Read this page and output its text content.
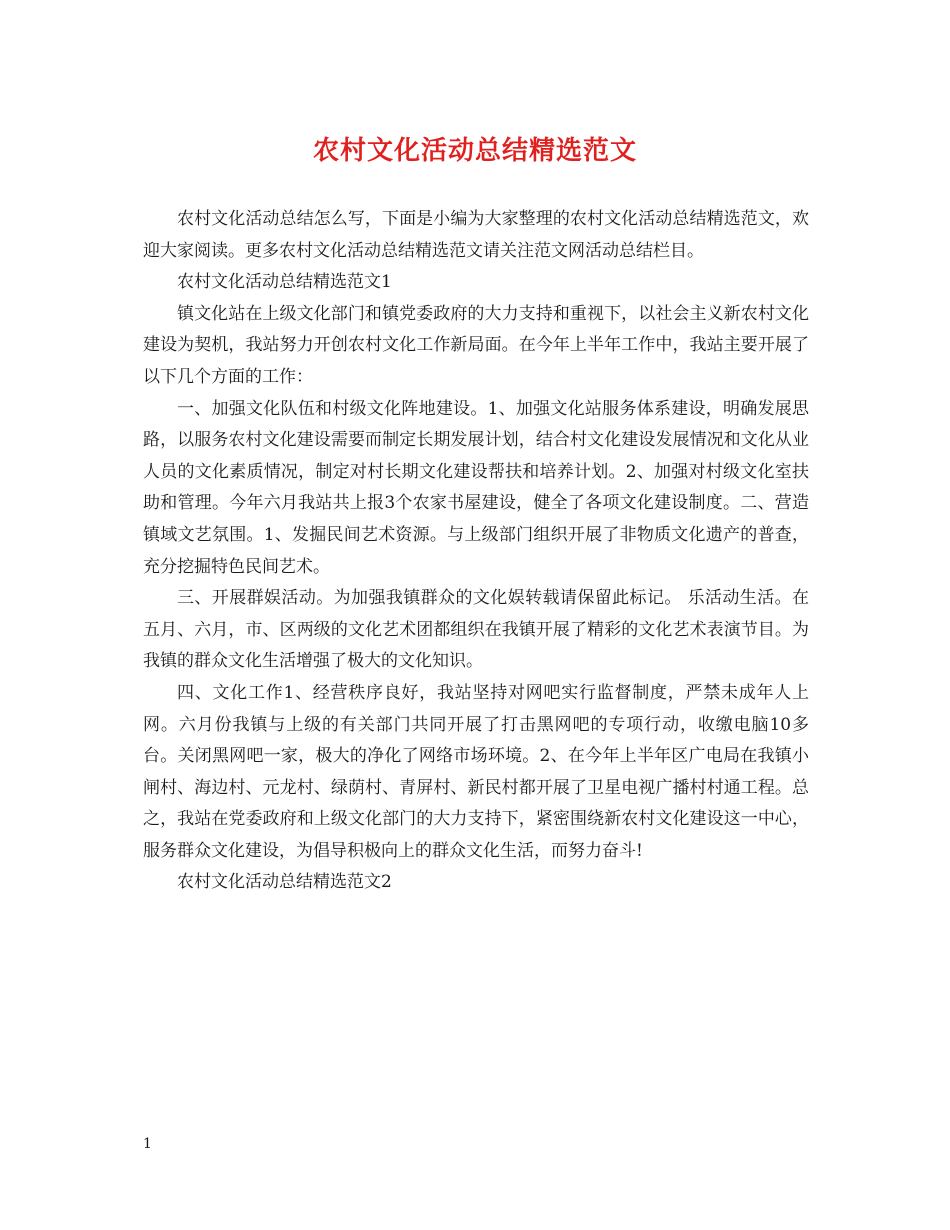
农村文化活动总结精选范文

农村文化活动总结怎么写，下面是小编为大家整理的农村文化活动总结精选范文，欢迎大家阅读。更多农村文化活动总结精选范文请关注范文网活动总结栏目。

农村文化活动总结精选范文1

镇文化站在上级文化部门和镇党委政府的大力支持和重视下，以社会主义新农村文化建设为契机，我站努力开创农村文化工作新局面。在今年上半年工作中，我站主要开展了以下几个方面的工作：

一、加强文化队伍和村级文化阵地建设。1、加强文化站服务体系建设，明确发展思路，以服务农村文化建设需要而制定长期发展计划，结合村文化建设发展情况和文化从业人员的文化素质情况，制定对村长期文化建设帮扶和培养计划。2、加强对村级文化室扶助和管理。今年六月我站共上报3个农家书屋建设，健全了各项文化建设制度。二、营造镇域文艺氛围。1、发掘民间艺术资源。与上级部门组织开展了非物质文化遗产的普查，充分挖掘特色民间艺术。

三、开展群娱活动。为加强我镇群众的文化娱转载请保留此标记。 乐活动生活。在五月、六月，市、区两级的文化艺术团都组织在我镇开展了精彩的文化艺术表演节目。为我镇的群众文化生活增强了极大的文化知识。

四、文化工作1、经营秩序良好，我站坚持对网吧实行监督制度，严禁未成年人上网。六月份我镇与上级的有关部门共同开展了打击黑网吧的专项行动，收缴电脑10多台。关闭黑网吧一家，极大的净化了网络市场环境。2、在今年上半年区广电局在我镇小闸村、海边村、元龙村、绿荫村、青屏村、新民村都开展了卫星电视广播村村通工程。总之，我站在党委政府和上级文化部门的大力支持下，紧密围绕新农村文化建设这一中心，服务群众文化建设，为倡导积极向上的群众文化生活，而努力奋斗!

农村文化活动总结精选范文2

1
